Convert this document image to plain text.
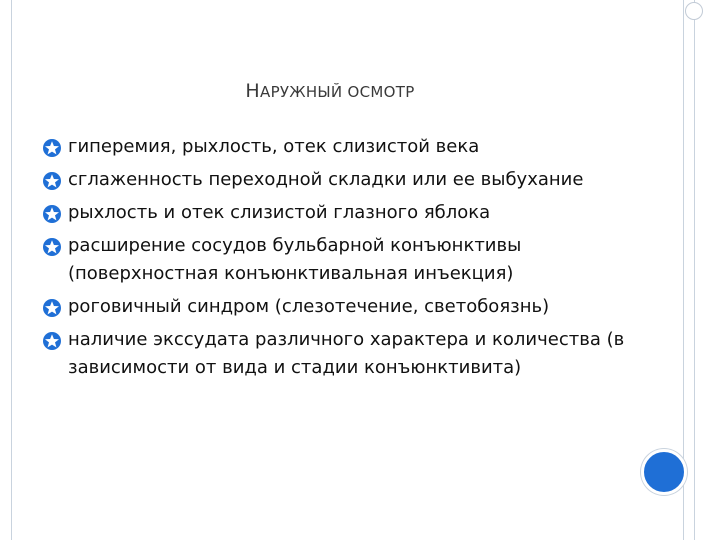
НАРУЖНЫЙ ОСМОТР
гиперемия, рыхлость, отек слизистой века
сглаженность переходной складки или ее выбухание
рыхлость и отек слизистой глазного яблока
расширение сосудов бульбарной конъюнктивы (поверхностная конъюнктивальная инъекция)
роговичный синдром (слезотечение, светобоязнь)
наличие экссудата различного характера и количества (в зависимости от вида и стадии конъюнктивита)
